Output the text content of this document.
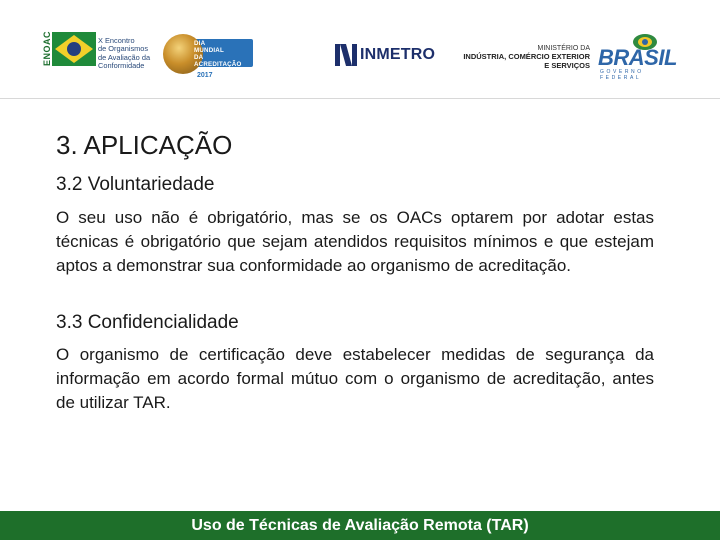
ENOAC	X Encontro
de Organismos
de Avaliação da
Conformidade
DIA
MUNDIAL
DA ACREDITAÇÃO
2017
INMETRO	MINISTÉRIO DA
INDÚSTRIA, COMÉRCIO EXTERIOR
E SERVIÇOS BRASIL
GOVERNO FEDERAL
3. APLICAÇÃO
3.2 Voluntariedade
O seu uso não é obrigatório, mas se os OACs optarem por adotar estas técnicas é obrigatório que sejam atendidos requisitos mínimos e que estejam aptos a demonstrar sua conformidade ao organismo de acreditação.
3.3 Confidencialidade
O organismo de certificação deve estabelecer medidas de segurança da informação em acordo formal mútuo com o organismo de acreditação, antes de utilizar TAR.
Uso de Técnicas de Avaliação Remota (TAR)
